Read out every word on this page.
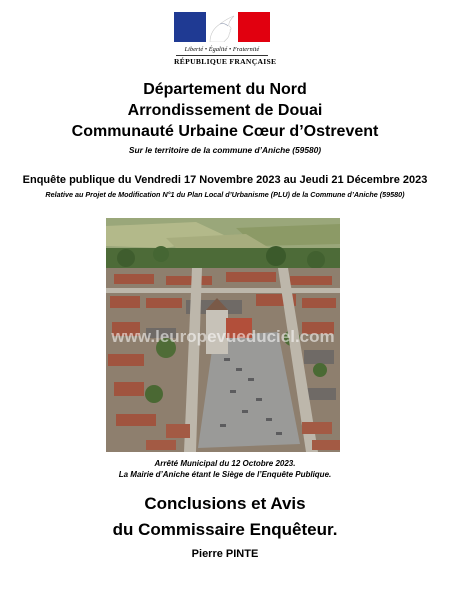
Liberté • Égalité • Fraternité
RÉPUBLIQUE FRANÇAISE
Département du Nord
Arrondissement de Douai
Communauté Urbaine Cœur d’Ostrevent
Sur le territoire de la commune d’Aniche (59580)
Enquête publique du Vendredi 17 Novembre 2023 au Jeudi 21 Décembre 2023
Relative au Projet de Modification N°1 du Plan Local d’Urbanisme (PLU) de la Commune d’Aniche (59580)
www.leuropevueduciel.com
Arrêté Municipal du 12 Octobre 2023.
La Mairie d’Aniche étant le Siège de l’Enquête Publique.
Conclusions et Avis
du Commissaire Enquêteur.
Pierre PINTE
